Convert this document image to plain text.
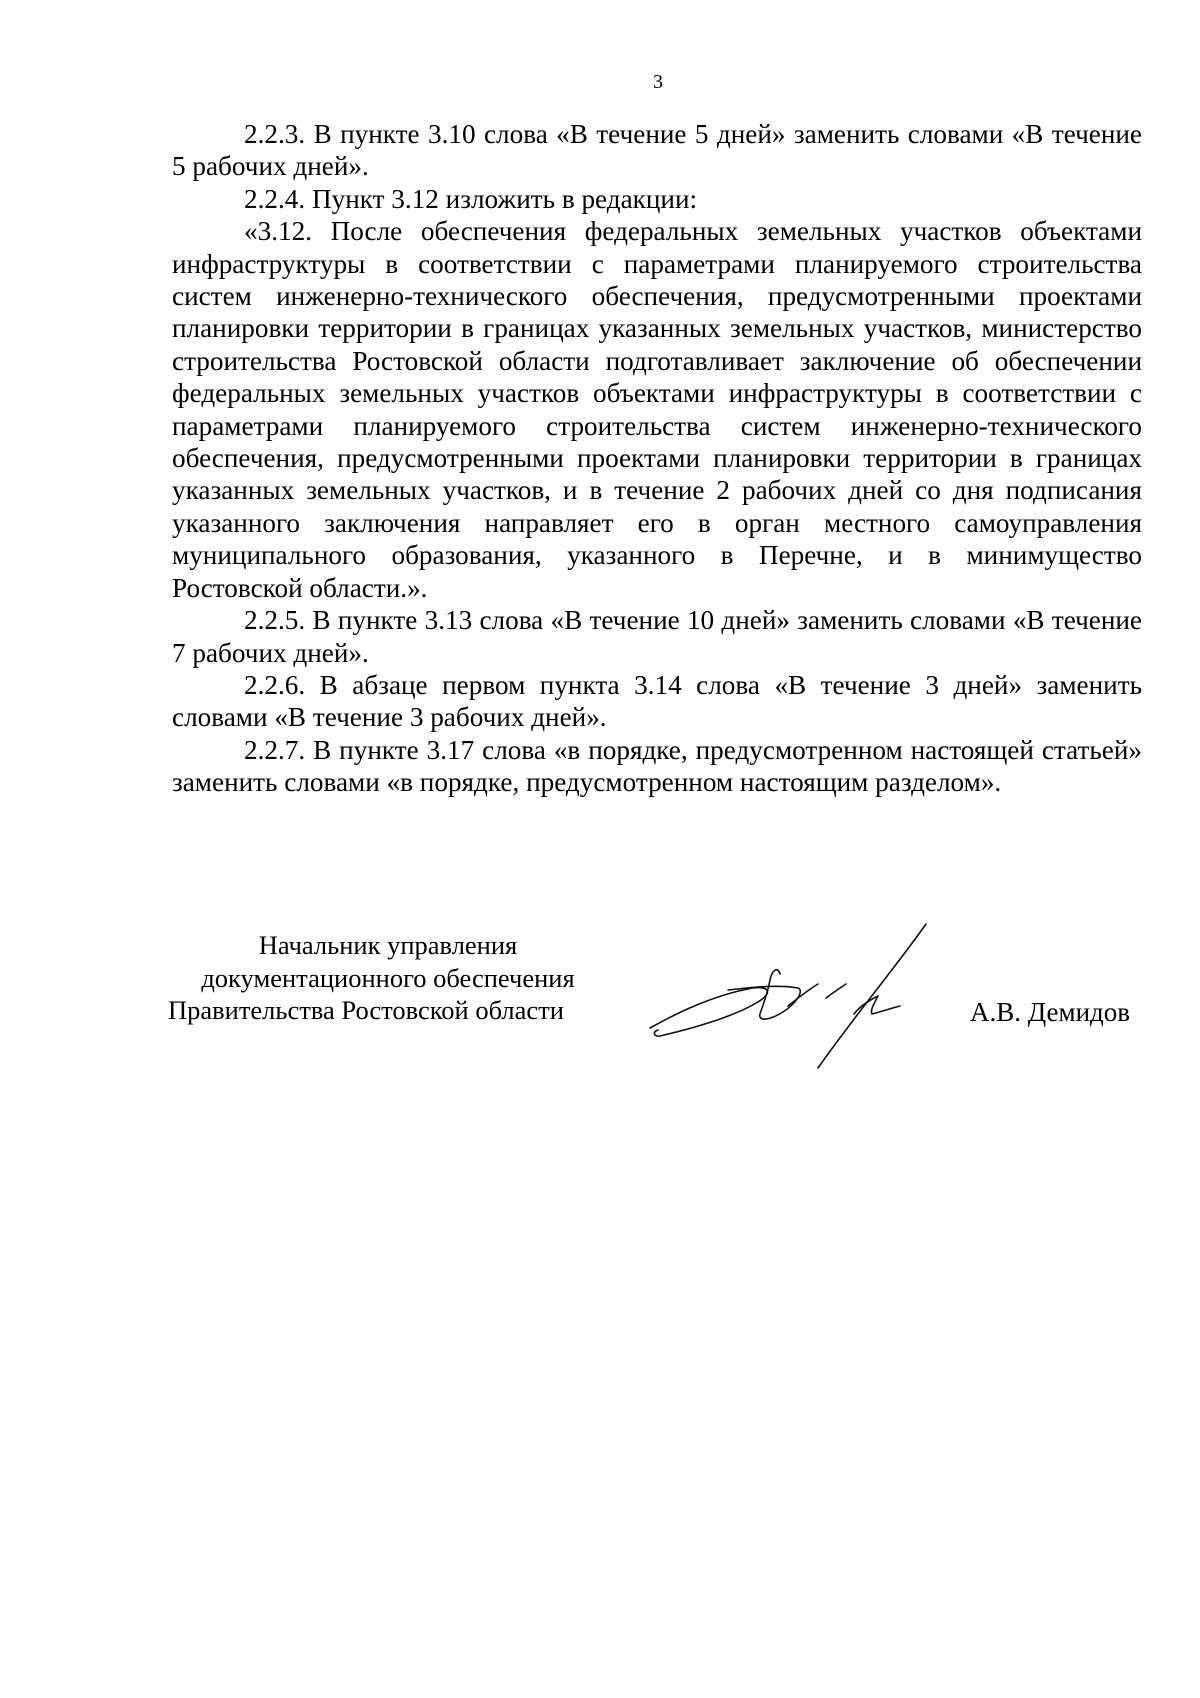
3

2.2.3. В пункте 3.10 слова «В течение 5 дней» заменить словами «В течение 5 рабочих дней».

2.2.4. Пункт 3.12 изложить в редакции:

«3.12. После обеспечения федеральных земельных участков объектами инфраструктуры в соответствии с параметрами планируемого строительства систем инженерно-технического обеспечения, предусмотренными проектами планировки территории в границах указанных земельных участков, министерство строительства Ростовской области подготавливает заключение об обеспечении федеральных земельных участков объектами инфраструктуры в соответствии с параметрами планируемого строительства систем инженерно-технического обеспечения, предусмотренными проектами планировки территории в границах указанных земельных участков, и в течение 2 рабочих дней со дня подписания указанного заключения направляет его в орган местного самоуправления муниципального образования, указанного в Перечне, и в минимущество Ростовской области.».

2.2.5. В пункте 3.13 слова «В течение 10 дней» заменить словами «В течение 7 рабочих дней».

2.2.6. В абзаце первом пункта 3.14 слова «В течение 3 дней» заменить словами «В течение 3 рабочих дней».

2.2.7. В пункте 3.17 слова «в порядке, предусмотренном настоящей статьей» заменить словами «в порядке, предусмотренном настоящим разделом».

Начальник управления
документационного обеспечения
Правительства Ростовской области	А.В. Демидов
